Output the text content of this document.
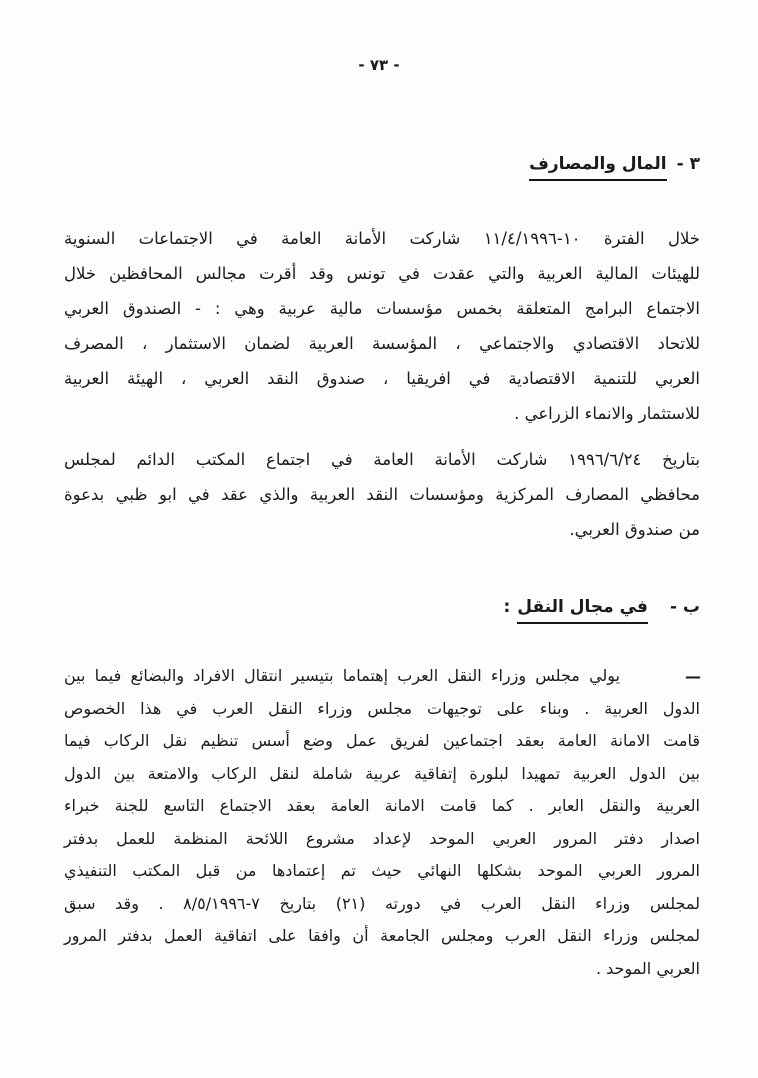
- ٧٣ -
٣ -المال والمصارف
خلال الفترة ١٠-١١/٤/١٩٩٦ شاركت الأمانة العامة في الاجتماعات السنوية
للهيئات المالية العربية والتي عقدت في تونس وقد أقرت مجالس المحافظين خلال
الاجتماع البرامج المتعلقة بخمس مؤسسات مالية عربية وهي : - الصندوق العربي
للاتحاد الاقتصادي والاجتماعي ، المؤسسة العربية لضمان الاستثمار ، المصرف
العربي للتنمية الاقتصادية في افريقيا ، صندوق النقد العربي ، الهيئة العربية
للاستثمار والانماء الزراعي .
بتاريخ ١٩٩٦/٦/٢٤ شاركت الأمانة العامة في اجتماع المكتب الدائم لمجلس
محافظي المصارف المركزية ومؤسسات النقد العربية والذي عقد في ابو ظبي بدعوة
من صندوق العربي.
ب -في مجال النقل:
—
يولي مجلس وزراء النقل العرب إهتماما بتيسير انتقال الافراد والبضائع فيما بين
الدول العربية . وبناء على توجيهات مجلس وزراء النقل العرب في هذا الخصوص
قامت الامانة العامة بعقد اجتماعين لفريق عمل وضع أسس تنظيم نقل الركاب فيما
بين الدول العربية تمهيدا لبلورة إتفاقية عربية شاملة لنقل الركاب والامتعة بين الدول
العربية والنقل العابر . كما قامت الامانة العامة بعقد الاجتماع التاسع للجنة خبراء
اصدار دفتر المرور العربي الموحد لإعداد مشروع اللائحة المنظمة للعمل بدفتر
المرور العربي الموحد بشكلها النهائي حيث تم إعتمادها من قبل المكتب التنفيذي
لمجلس وزراء النقل العرب في دورته (٢١) بتاريخ ٧-٨/٥/١٩٩٦ . وقد سبق
لمجلس وزراء النقل العرب ومجلس الجامعة أن وافقا على اتفاقية العمل بدفتر المرور
العربي الموحد .
